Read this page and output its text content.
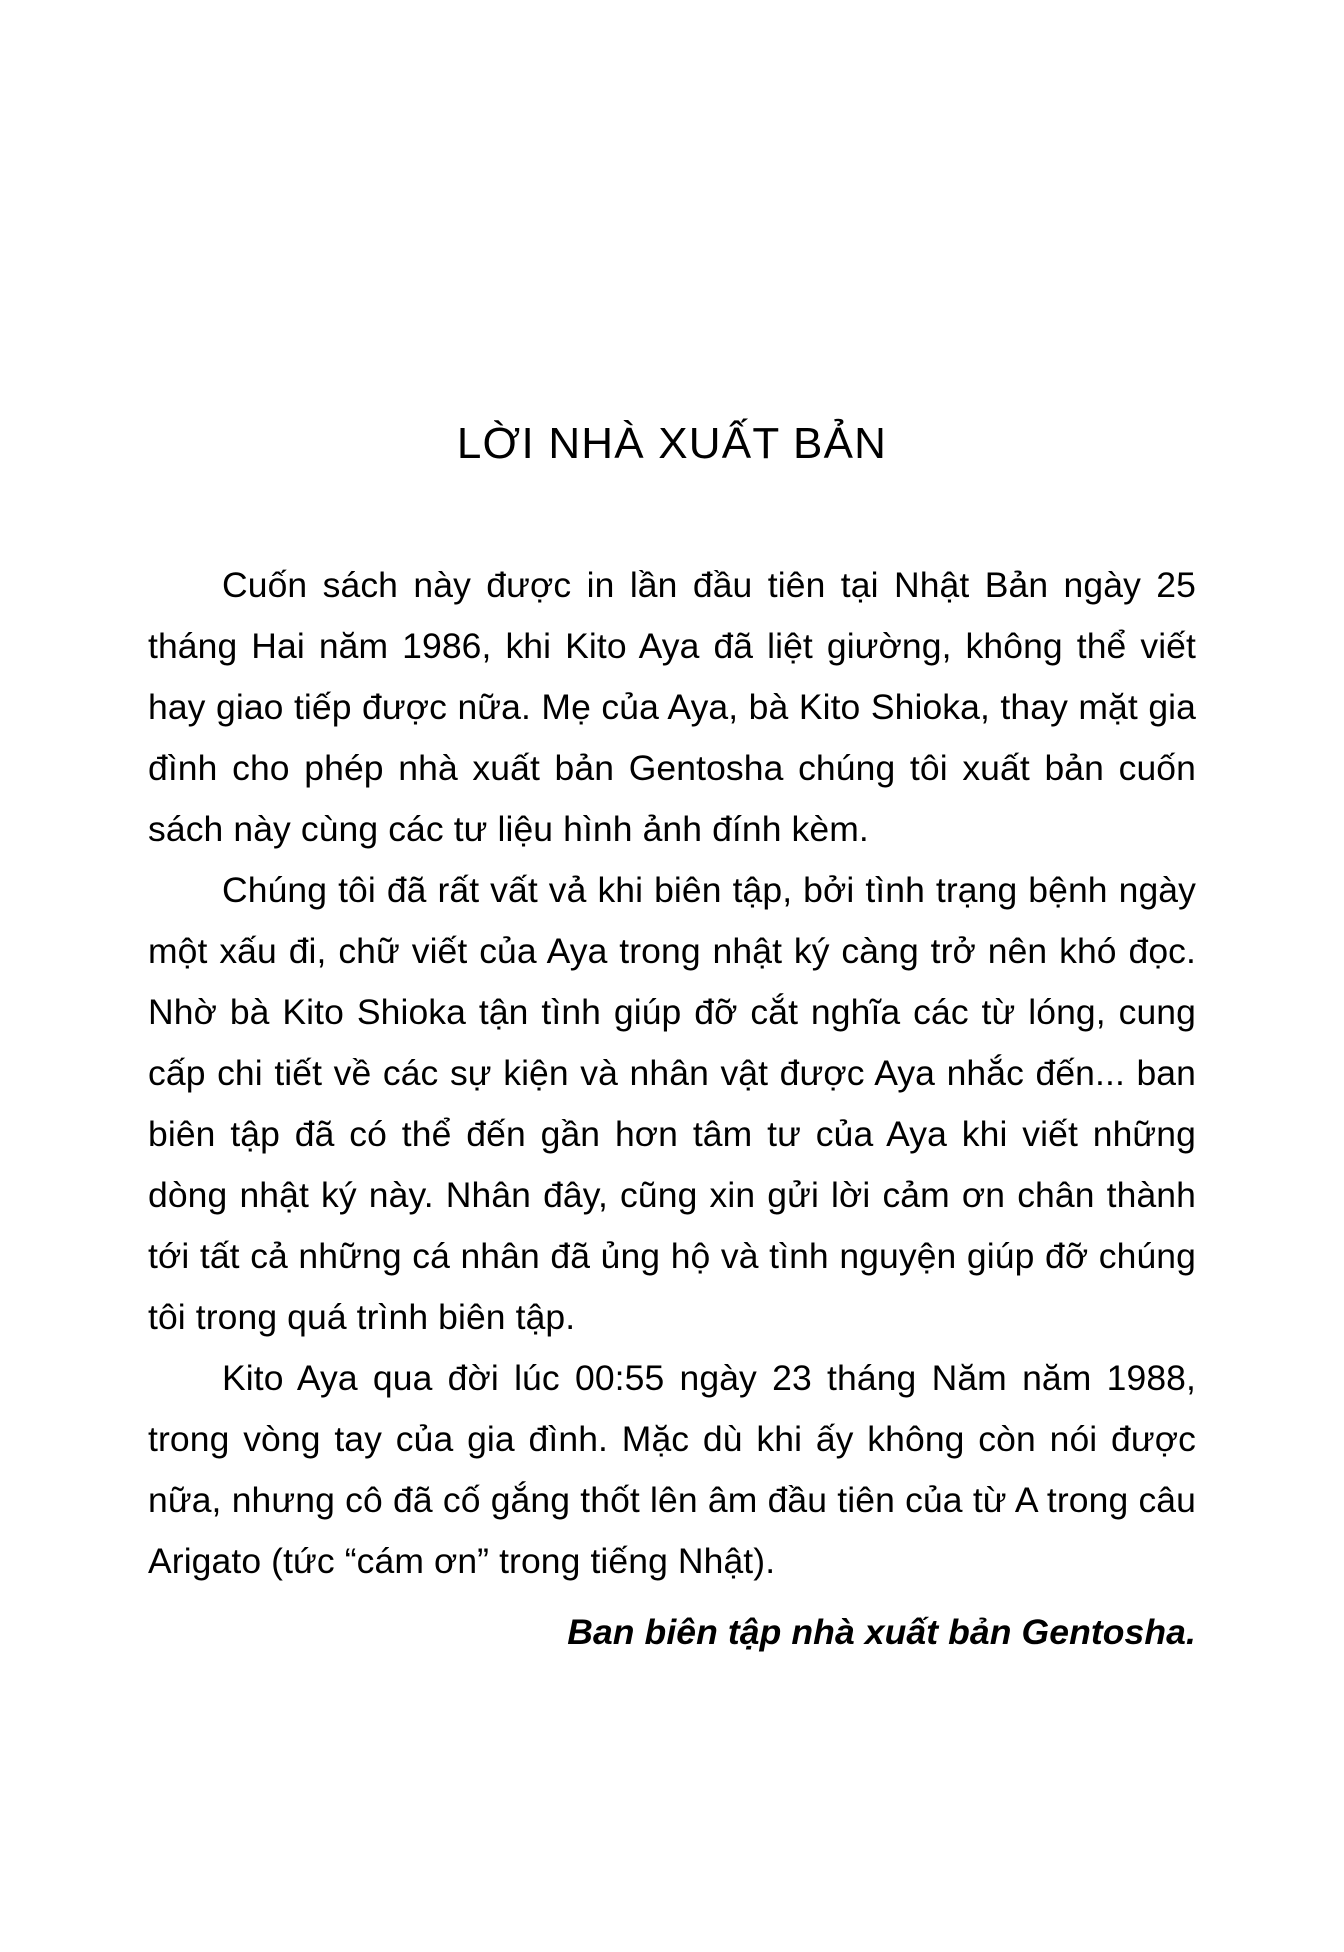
LỜI NHÀ XUẤT BẢN

Cuốn sách này được in lần đầu tiên tại Nhật Bản ngày 25 tháng Hai năm 1986, khi Kito Aya đã liệt giường, không thể viết hay giao tiếp được nữa. Mẹ của Aya, bà Kito Shioka, thay mặt gia đình cho phép nhà xuất bản Gentosha chúng tôi xuất bản cuốn sách này cùng các tư liệu hình ảnh đính kèm.

Chúng tôi đã rất vất vả khi biên tập, bởi tình trạng bệnh ngày một xấu đi, chữ viết của Aya trong nhật ký càng trở nên khó đọc. Nhờ bà Kito Shioka tận tình giúp đỡ cắt nghĩa các từ lóng, cung cấp chi tiết về các sự kiện và nhân vật được Aya nhắc đến... ban biên tập đã có thể đến gần hơn tâm tư của Aya khi viết những dòng nhật ký này. Nhân đây, cũng xin gửi lời cảm ơn chân thành tới tất cả những cá nhân đã ủng hộ và tình nguyện giúp đỡ chúng tôi trong quá trình biên tập.

Kito Aya qua đời lúc 00:55 ngày 23 tháng Năm năm 1988, trong vòng tay của gia đình. Mặc dù khi ấy không còn nói được nữa, nhưng cô đã cố gắng thốt lên âm đầu tiên của từ A trong câu Arigato (tức “cám ơn” trong tiếng Nhật).

Ban biên tập nhà xuất bản Gentosha.
